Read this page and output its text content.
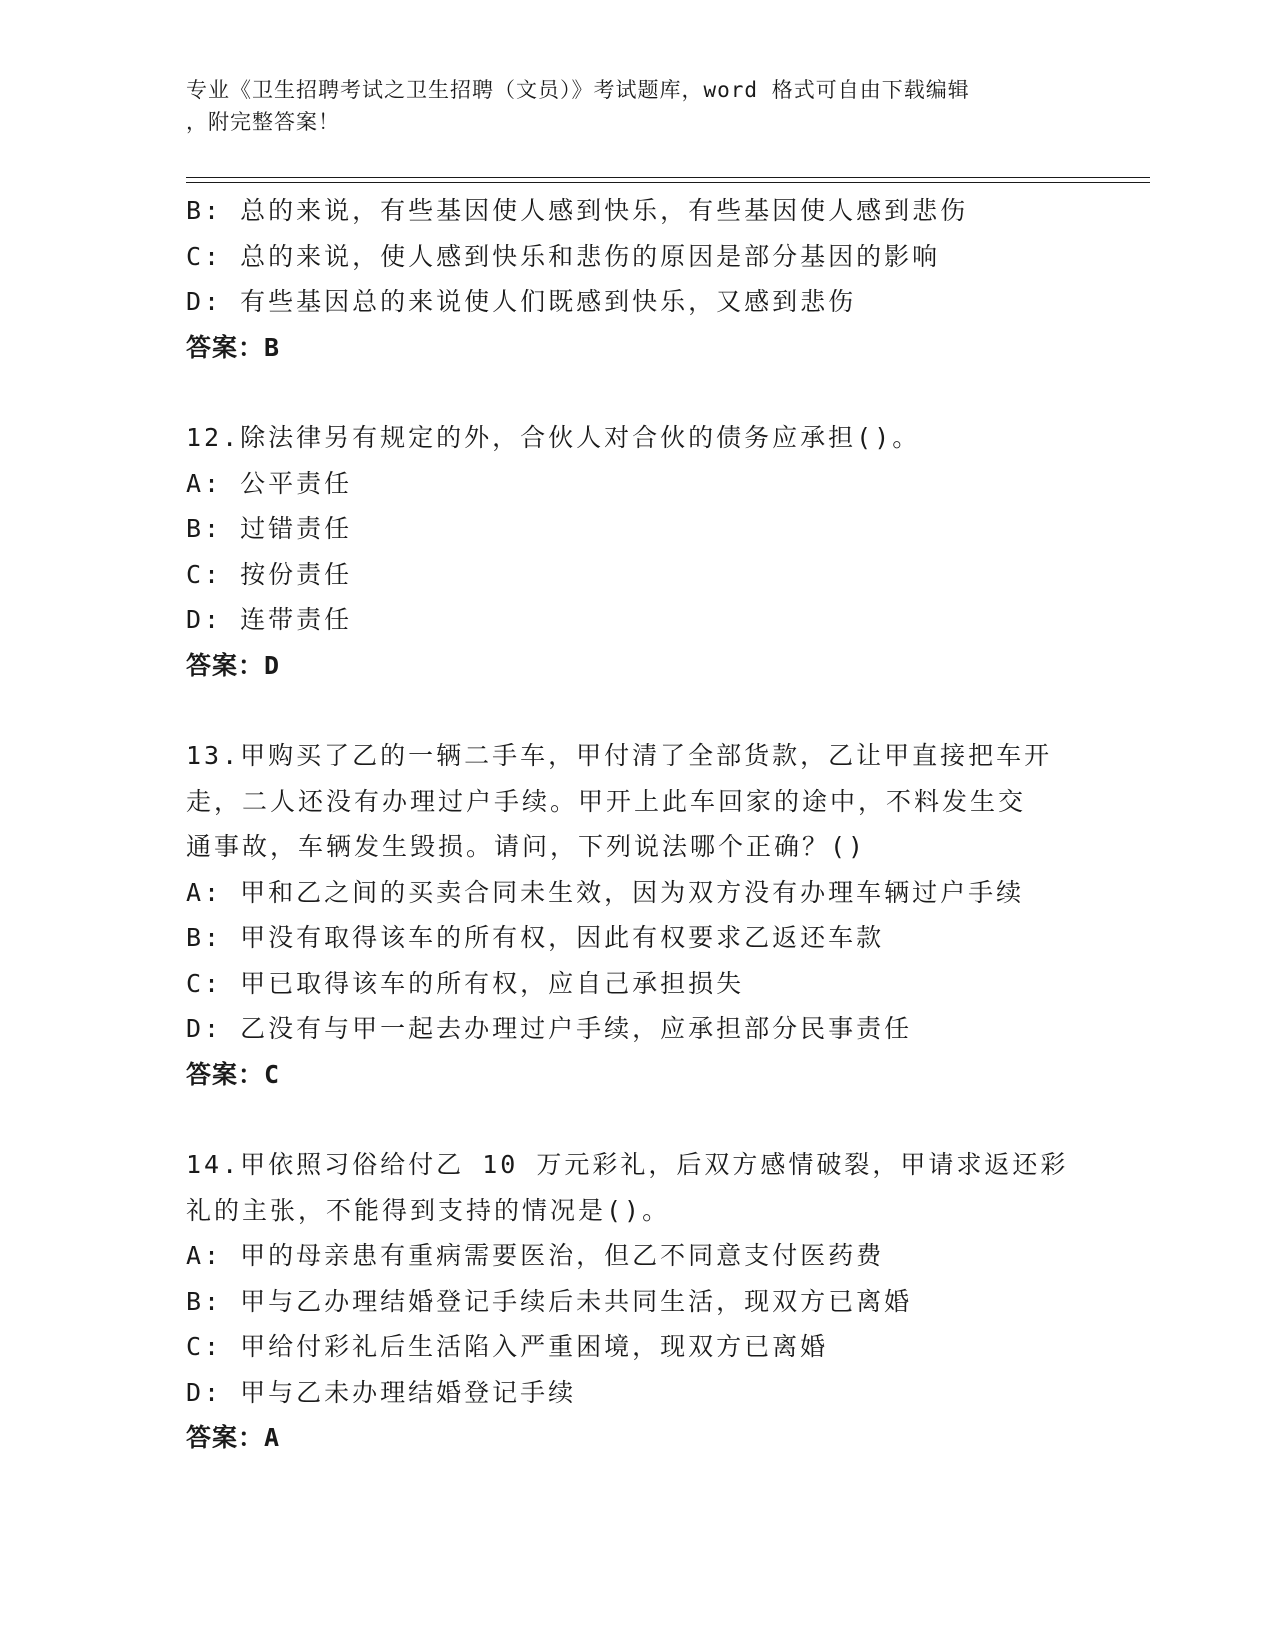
专业《卫生招聘考试之卫生招聘（文员）》考试题库，word 格式可自由下载编辑
，附完整答案！
B: 总的来说，有些基因使人感到快乐，有些基因使人感到悲伤
C: 总的来说，使人感到快乐和悲伤的原因是部分基因的影响
D: 有些基因总的来说使人们既感到快乐，又感到悲伤
答案：B
12.除法律另有规定的外，合伙人对合伙的债务应承担()。
A: 公平责任
B: 过错责任
C: 按份责任
D: 连带责任
答案：D
13.甲购买了乙的一辆二手车，甲付清了全部货款，乙让甲直接把车开
走，二人还没有办理过户手续。甲开上此车回家的途中，不料发生交
通事故，车辆发生毁损。请问，下列说法哪个正确？()
A: 甲和乙之间的买卖合同未生效，因为双方没有办理车辆过户手续
B: 甲没有取得该车的所有权，因此有权要求乙返还车款
C: 甲已取得该车的所有权，应自己承担损失
D: 乙没有与甲一起去办理过户手续，应承担部分民事责任
答案：C
14.甲依照习俗给付乙 10 万元彩礼，后双方感情破裂，甲请求返还彩
礼的主张，不能得到支持的情况是()。
A: 甲的母亲患有重病需要医治，但乙不同意支付医药费
B: 甲与乙办理结婚登记手续后未共同生活，现双方已离婚
C: 甲给付彩礼后生活陷入严重困境，现双方已离婚
D: 甲与乙未办理结婚登记手续
答案：A
